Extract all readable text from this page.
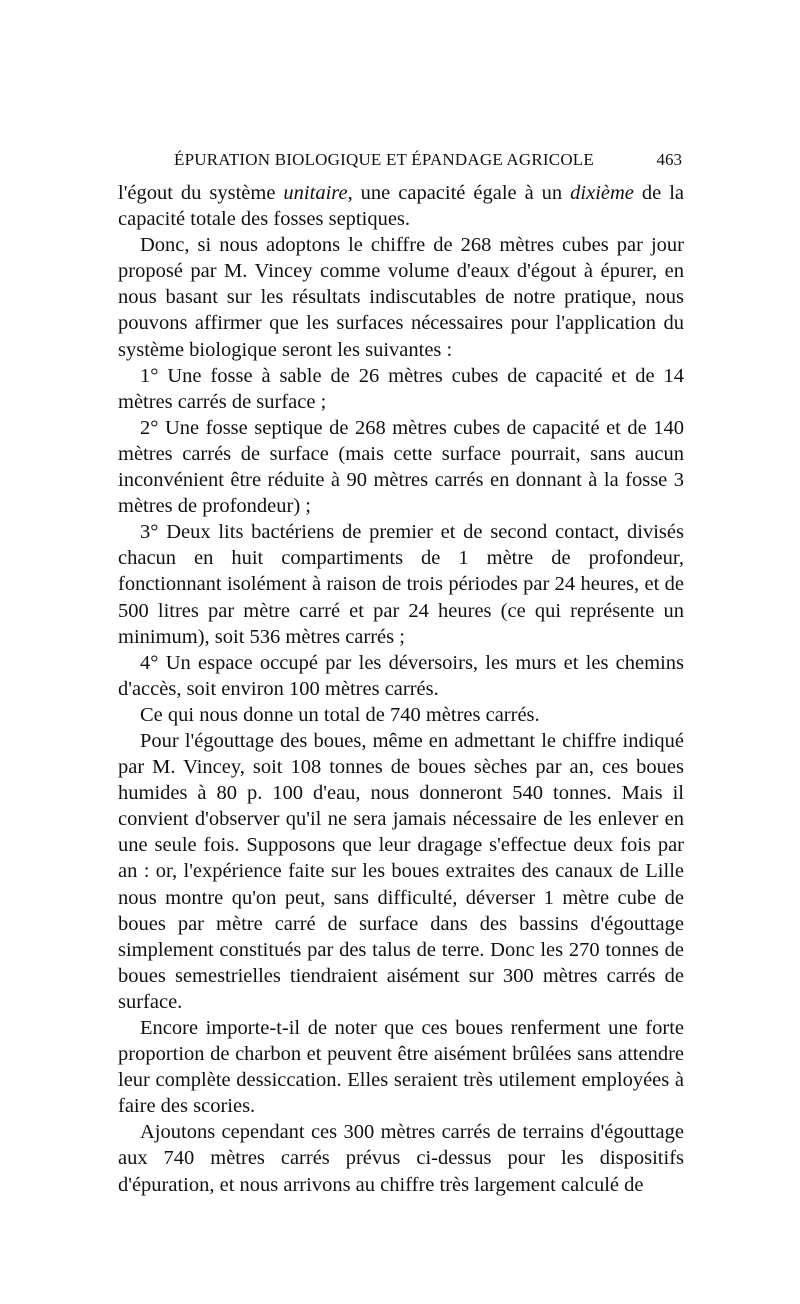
ÉPURATION BIOLOGIQUE ET ÉPANDAGE AGRICOLE	463

l'égout du système unitaire, une capacité égale à un dixième de la capacité totale des fosses septiques.

Donc, si nous adoptons le chiffre de 268 mètres cubes par jour proposé par M. Vincey comme volume d'eaux d'égout à épurer, en nous basant sur les résultats indiscutables de notre pratique, nous pouvons affirmer que les surfaces nécessaires pour l'application du système biologique seront les suivantes :

1° Une fosse à sable de 26 mètres cubes de capacité et de 14 mètres carrés de surface ;

2° Une fosse septique de 268 mètres cubes de capacité et de 140 mètres carrés de surface (mais cette surface pourrait, sans aucun inconvénient être réduite à 90 mètres carrés en donnant à la fosse 3 mètres de profondeur) ;

3° Deux lits bactériens de premier et de second contact, divisés chacun en huit compartiments de 1 mètre de profondeur, fonctionnant isolément à raison de trois périodes par 24 heures, et de 500 litres par mètre carré et par 24 heures (ce qui représente un minimum), soit 536 mètres carrés ;

4° Un espace occupé par les déversoirs, les murs et les chemins d'accès, soit environ 100 mètres carrés.

Ce qui nous donne un total de 740 mètres carrés.

Pour l'égouttage des boues, même en admettant le chiffre indiqué par M. Vincey, soit 108 tonnes de boues sèches par an, ces boues humides à 80 p. 100 d'eau, nous donneront 540 tonnes. Mais il convient d'observer qu'il ne sera jamais nécessaire de les enlever en une seule fois. Supposons que leur dragage s'effectue deux fois par an : or, l'expérience faite sur les boues extraites des canaux de Lille nous montre qu'on peut, sans difficulté, déverser 1 mètre cube de boues par mètre carré de surface dans des bassins d'égouttage simplement constitués par des talus de terre. Donc les 270 tonnes de boues semestrielles tiendraient aisément sur 300 mètres carrés de surface.

Encore importe-t-il de noter que ces boues renferment une forte proportion de charbon et peuvent être aisément brûlées sans attendre leur complète dessiccation. Elles seraient très utilement employées à faire des scories.

Ajoutons cependant ces 300 mètres carrés de terrains d'égouttage aux 740 mètres carrés prévus ci-dessus pour les dispositifs d'épuration, et nous arrivons au chiffre très largement calculé de
